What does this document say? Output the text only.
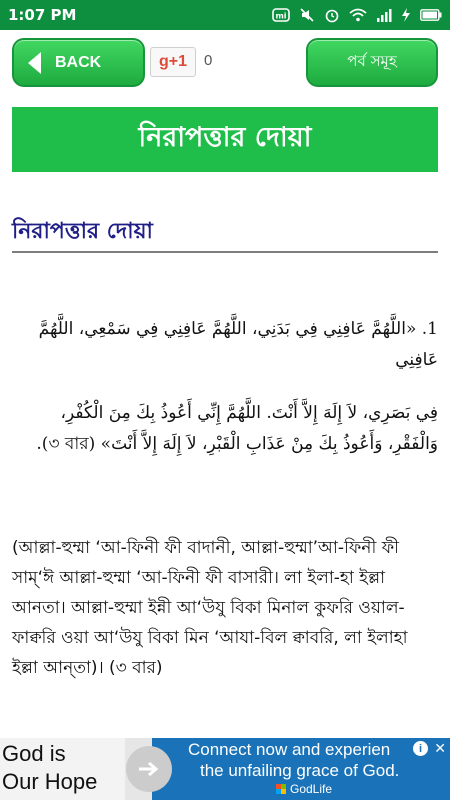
1:07 PM	mi
BACK	g+1	0	পর্ব সমূহ
নিরাপত্তার দোয়া
নিরাপত্তার দোয়া
1. «اللَّهُمَّ عَافِنِي فِي بَدَنِي، اللَّهُمَّ عَافِنِي فِي سَمْعِي، اللَّهُمَّ عَافِنِي
فِي بَصَرِي، لاَ إِلَهَ إِلاَّ أَنْتَ. اللَّهُمَّ إِنِّي أَعُوذُ بِكَ مِنَ الْكُفْرِ، وَالْفَقْرِ، وَأَعُوذُ بِكَ مِنْ عَذَابِ الْقَبْرِ، لاَ إِلَهَ إِلاَّ أَنْتَ» (৩ বার).
(আল্লা-হুম্মা ‘আ-ফিনী ফী বাদানী, আল্লা-হুম্মা’আ-ফিনী ফী সাম্‘ঈ আল্লা-হুম্মা ‘আ-ফিনী ফী বাসারী। লা ইলা-হা ইল্লা আনতা। আল্লা-হুম্মা ইন্নী আ‘উযু বিকা মিনাল কুফরি ওয়াল-ফাক্বরি ওয়া আ‘উযু বিকা মিন ‘আযা-বিল ক্বাবরি, লা ইলাহা ইল্লা আন্‌তা)। (৩ বার)
God is
Our Hope
Connect now and experien
the unfailing grace of God.
GodLife
i ✕
